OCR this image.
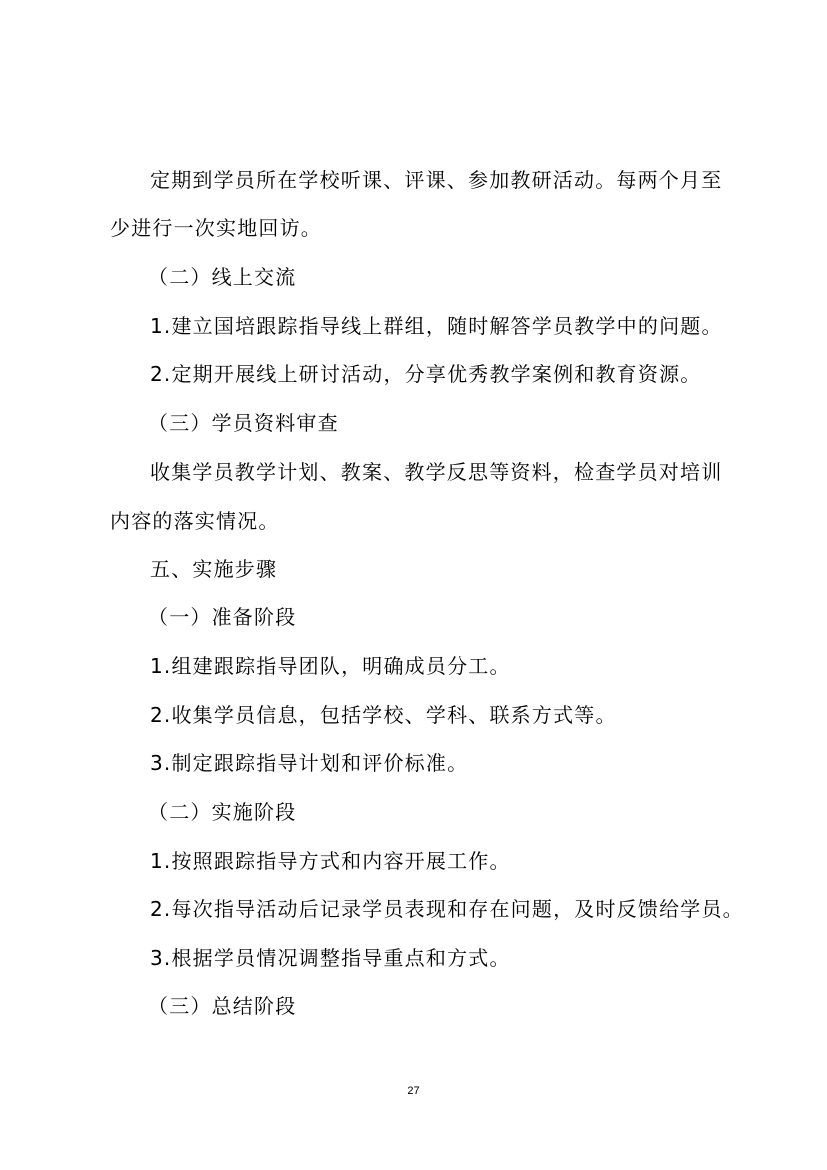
定期到学员所在学校听课、评课、参加教研活动。每两个月至
少进行一次实地回访。
（二）线上交流
1.建立国培跟踪指导线上群组，随时解答学员教学中的问题。
2.定期开展线上研讨活动，分享优秀教学案例和教育资源。
（三）学员资料审查
收集学员教学计划、教案、教学反思等资料，检查学员对培训
内容的落实情况。
五、实施步骤
（一）准备阶段
1.组建跟踪指导团队，明确成员分工。
2.收集学员信息，包括学校、学科、联系方式等。
3.制定跟踪指导计划和评价标准。
（二）实施阶段
1.按照跟踪指导方式和内容开展工作。
2.每次指导活动后记录学员表现和存在问题，及时反馈给学员。
3.根据学员情况调整指导重点和方式。
（三）总结阶段
27
